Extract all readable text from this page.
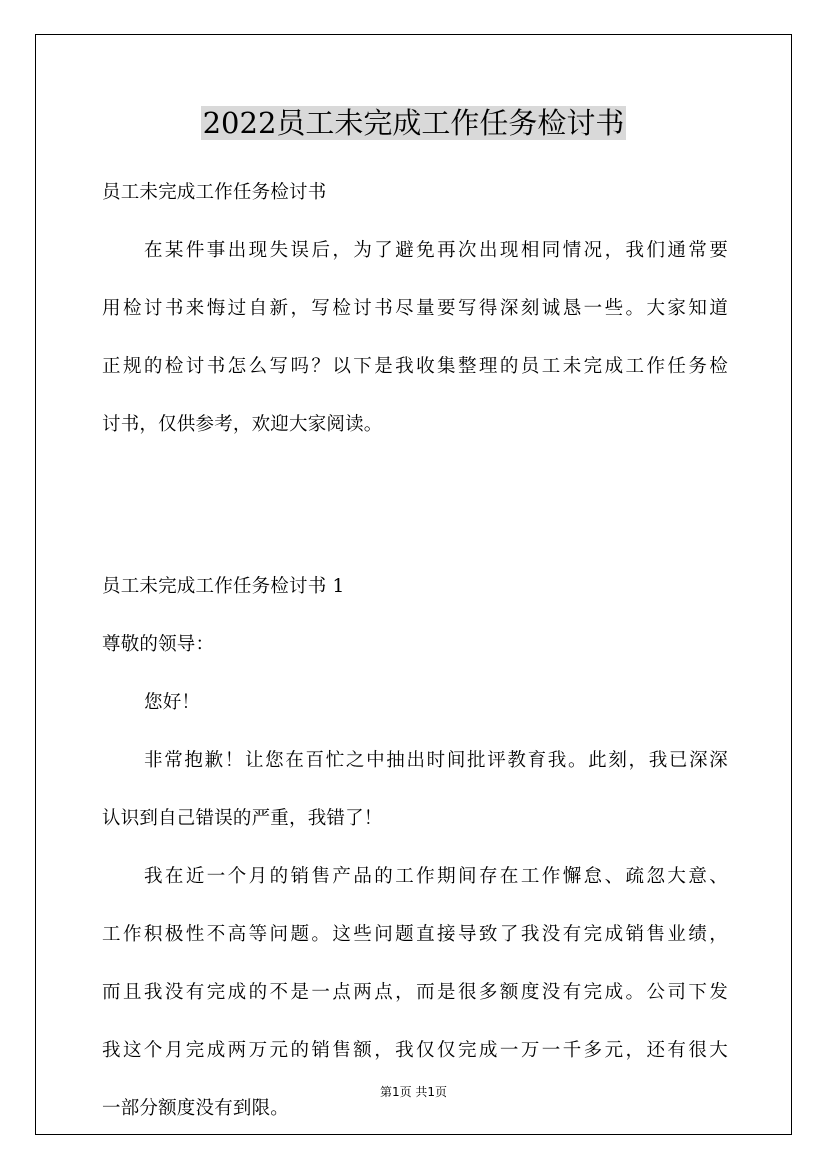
2022员工未完成工作任务检讨书
员工未完成工作任务检讨书
在某件事出现失误后，为了避免再次出现相同情况，我们通常要
用检讨书来悔过自新，写检讨书尽量要写得深刻诚恳一些。大家知道
正规的检讨书怎么写吗？以下是我收集整理的员工未完成工作任务检
讨书，仅供参考，欢迎大家阅读。
员工未完成工作任务检讨书 1
尊敬的领导：
您好！
非常抱歉！让您在百忙之中抽出时间批评教育我。此刻，我已深深
认识到自己错误的严重，我错了！
我在近一个月的销售产品的工作期间存在工作懈怠、疏忽大意、
工作积极性不高等问题。这些问题直接导致了我没有完成销售业绩，
而且我没有完成的不是一点两点，而是很多额度没有完成。公司下发
我这个月完成两万元的销售额，我仅仅完成一万一千多元，还有很大
一部分额度没有到限。
第1页 共1页
